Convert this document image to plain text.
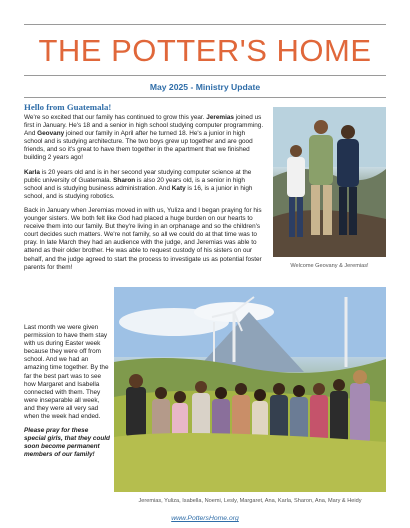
THE POTTER'S HOME
May 2025 - Ministry Update
Hello from Guatemala!

We're so excited that our family has continued to grow this year. Jeremias joined us first in January. He's 18 and a senior in high school studying computer programming. And Geovany joined our family in April after he turned 18. He's a junior in high school and is studying architecture. The two boys grew up together and are good friends, and so it's great to have them together in the apartment that we finished building 2 years ago!

Karla is 20 years old and is in her second year studying computer science at the public university of Guatemala. Sharon is also 20 years old, is a senior in high school and is studying business administration. And Katy is 16, is a junior in high school, and is studying robotics.

Back in January when Jeremias moved in with us, Yuliza and I began praying for his younger sisters. We both felt like God had placed a huge burden on our hearts to receive them into our family. But they're living in an orphanage and so the children's court decides such matters. We're not family, so all we could do at that time was to pray. In late March they had an audience with the judge, and Jeremias was able to attend as their older brother. He was able to request custody of his sisters on our behalf, and the judge agreed to start the process to investigate us as potential foster parents for them!

Last month we were given permission to have them stay with us during Easter week because they were off from school. And we had an amazing time together. By the far the best part was to see how Margaret and Isabella connected with them. They were inseparable all week, and they were all very sad when the week had ended.

Please pray for these special girls, that they could soon become permanent members of our family!

Welcome Geovany & Jeremias!
Jeremias, Yuliza, Isabella, Noemi, Lesly, Margaret, Ana, Karla, Sharon, Ana, Mary & Heidy
www.PottersHome.org
